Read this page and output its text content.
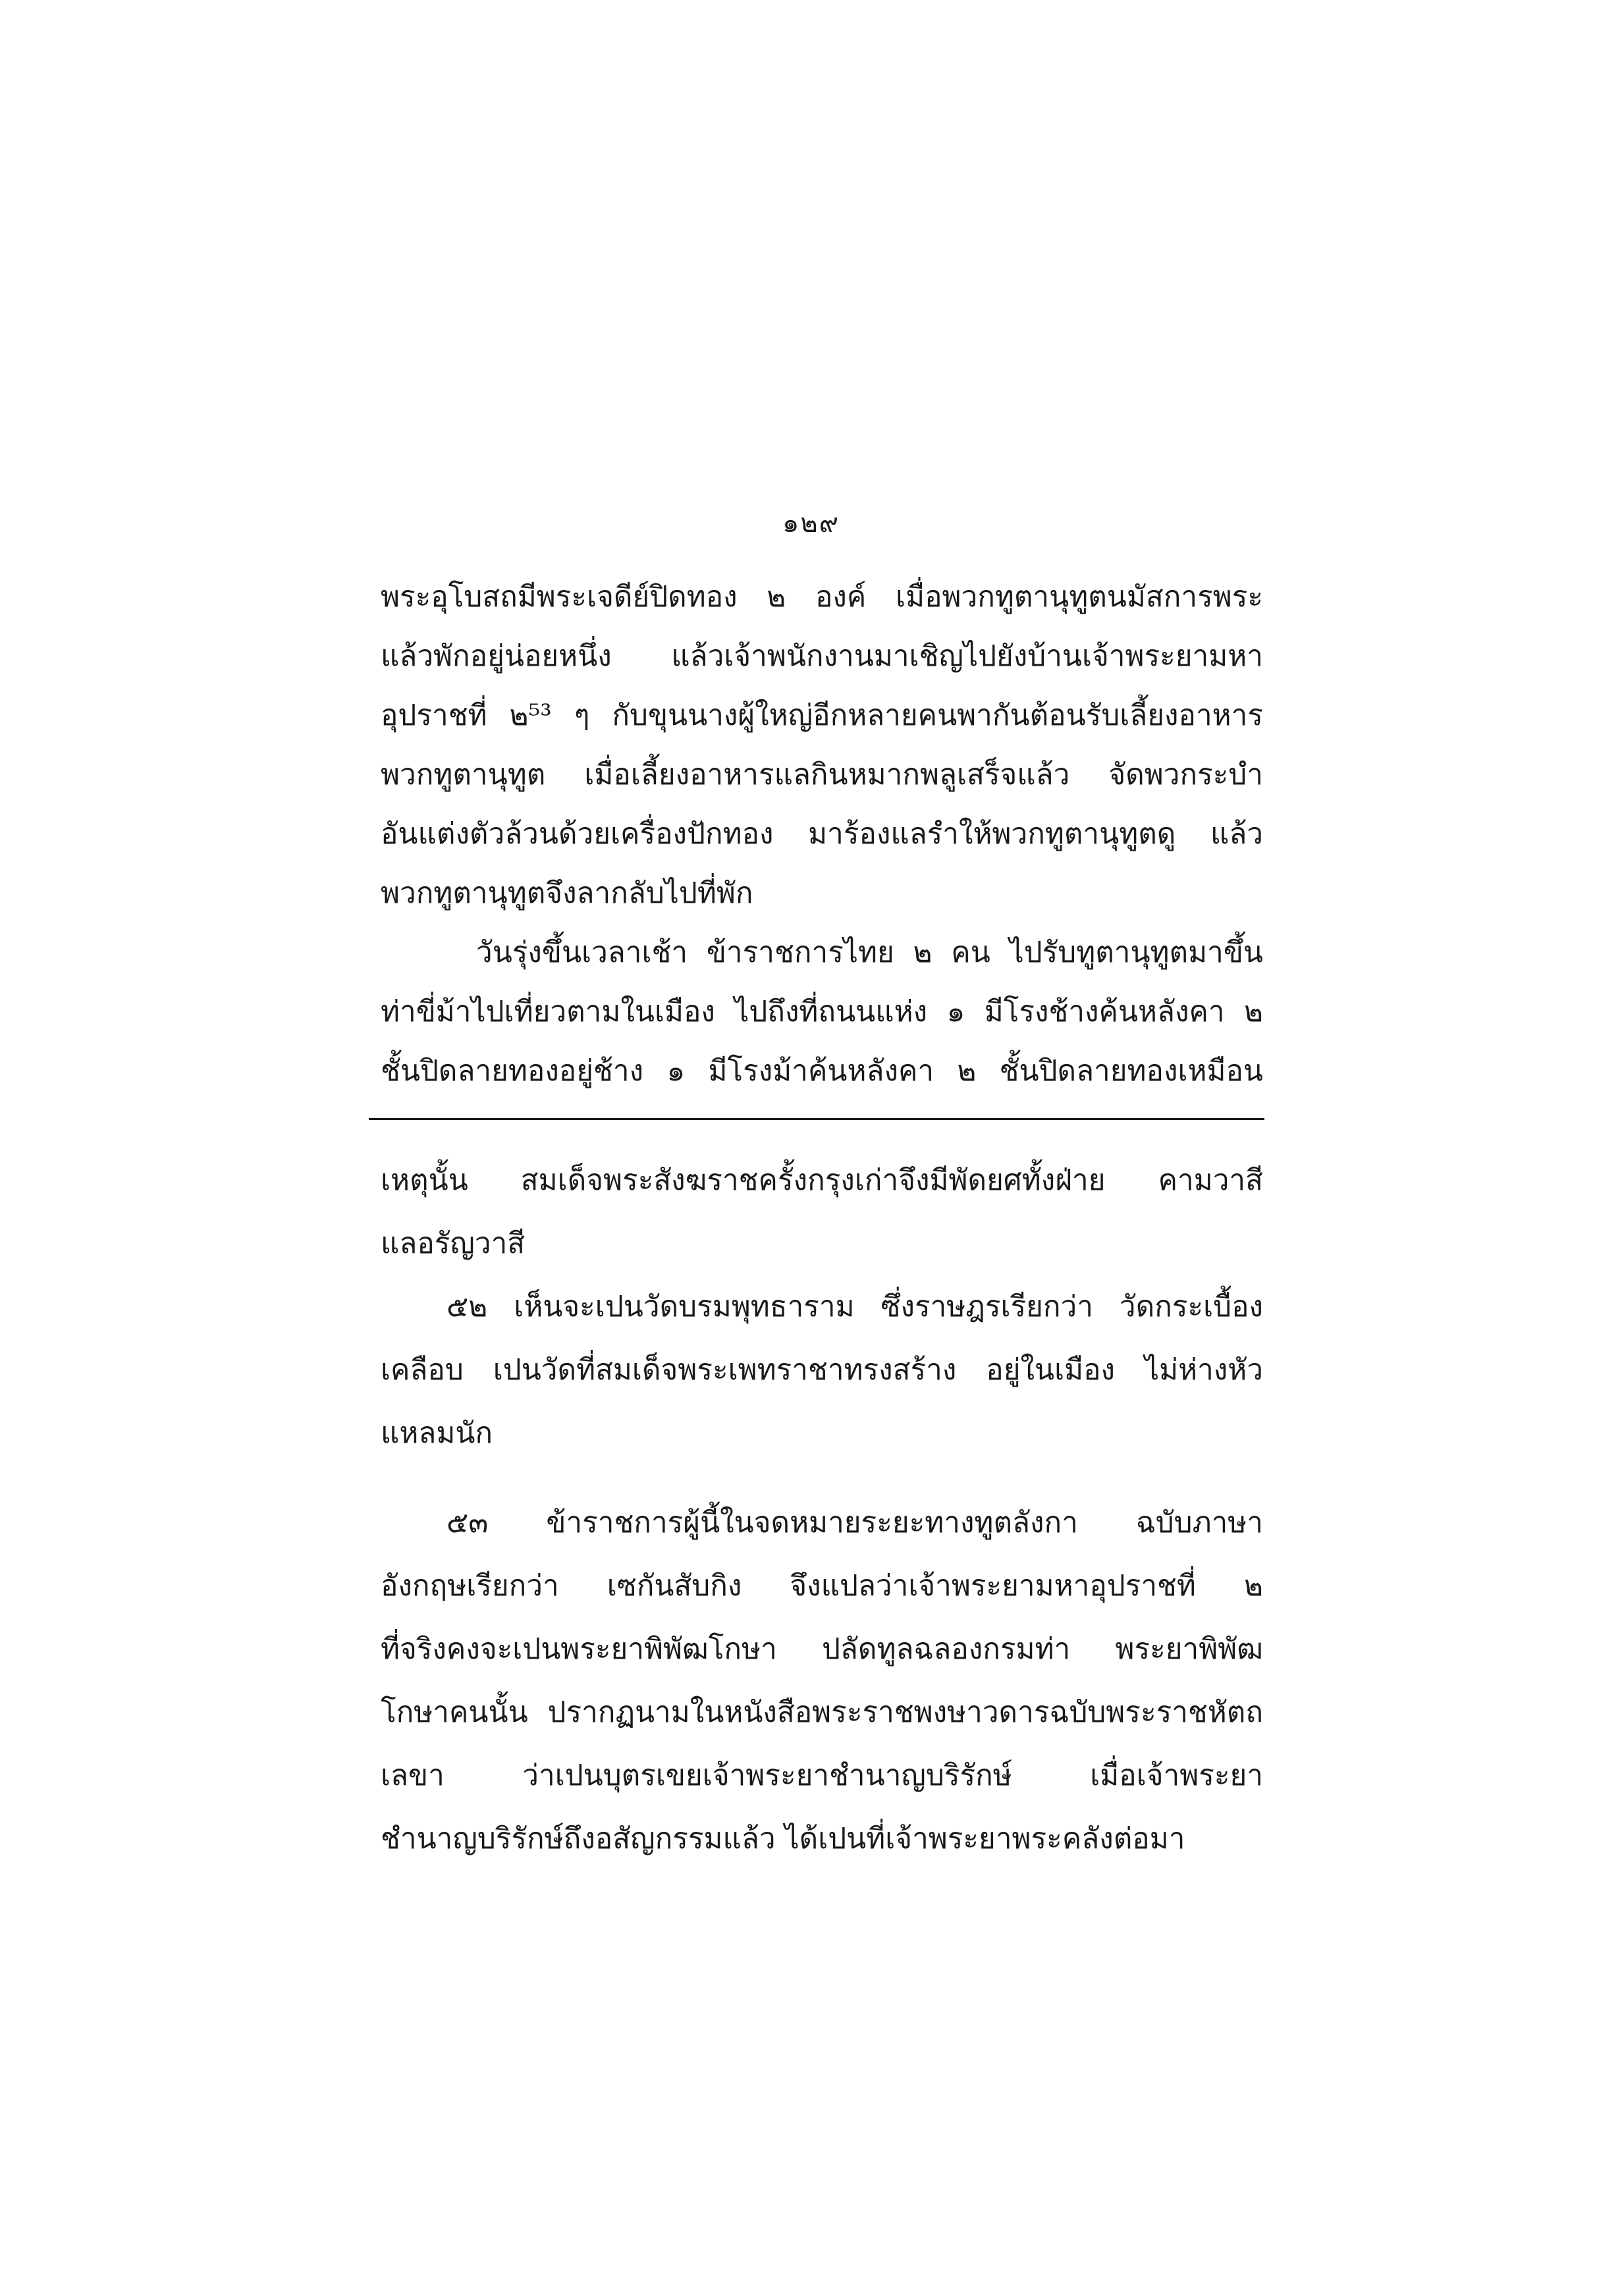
๑๒๙
พระอุโบสถมีพระเจดีย์ปิดทอง ๒ องค์ เมื่อพวกทูตานุทูตนมัสการพระ
แล้วพักอยู่น่อยหนึ่ง แล้วเจ้าพนักงานมาเชิญไปยังบ้านเจ้าพระยามหา
อุปราชที่ ๒⁵³ ๆ กับขุนนางผู้ใหญ่อีกหลายคนพากันต้อนรับเลี้ยงอาหาร
พวกทูตานุทูต เมื่อเลี้ยงอาหารแลกินหมากพลูเสร็จแล้ว จัดพวกระบำ
อันแต่งตัวล้วนด้วยเครื่องปักทอง มาร้องแลรำให้พวกทูตานุทูตดู แล้ว
พวกทูตานุทูตจึงลากลับไปที่พัก
วันรุ่งขึ้นเวลาเช้า ข้าราชการไทย ๒ คน ไปรับทูตานุทูตมาขึ้น
ท่าขี่ม้าไปเที่ยวตามในเมือง ไปถึงที่ถนนแห่ง ๑ มีโรงช้างค้นหลังคา ๒
ชั้นปิดลายทองอยู่ช้าง ๑ มีโรงม้าค้นหลังคา ๒ ชั้นปิดลายทองเหมือน
เหตุนั้น สมเด็จพระสังฆราชครั้งกรุงเก่าจึงมีพัดยศทั้งฝ่าย คามวาสี
แลอรัญวาสี
๕๒ เห็นจะเปนวัดบรมพุทธาราม ซึ่งราษฎรเรียกว่า วัดกระเบื้อง
เคลือบ เปนวัดที่สมเด็จพระเพทราชาทรงสร้าง อยู่ในเมือง ไม่ห่างหัว
แหลมนัก
๕๓ ข้าราชการผู้นี้ในจดหมายระยะทางทูตลังกา ฉบับภาษา
อังกฤษเรียกว่า เซกันสับกิง จึงแปลว่าเจ้าพระยามหาอุปราชที่ ๒
ที่จริงคงจะเปนพระยาพิพัฒโกษา ปลัดทูลฉลองกรมท่า พระยาพิพัฒ
โกษาคนนั้น ปรากฏนามในหนังสือพระราชพงษาวดารฉบับพระราชหัตถ
เลขา ว่าเปนบุตรเขยเจ้าพระยาชำนาญบริรักษ์ เมื่อเจ้าพระยา
ชำนาญบริรักษ์ถึงอสัญกรรมแล้ว ได้เปนที่เจ้าพระยาพระคลังต่อมา
